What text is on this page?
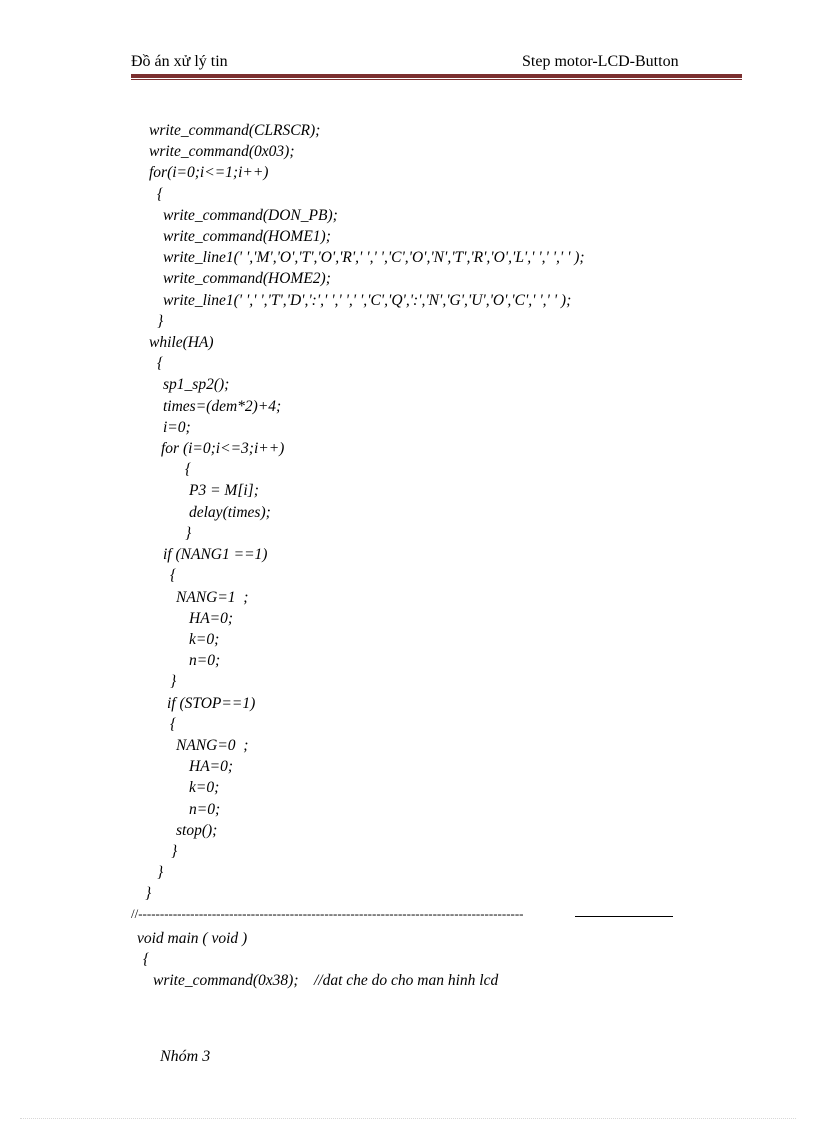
Đồ án xử lý tin	Step motor-LCD-Button
write_command(CLRSCR);
write_command(0x03);
for(i=0;i<=1;i++)
{
write_command(DON_PB);
write_command(HOME1);
write_line1(' ','M','O','T','O','R',' ',' ','C','O','N','T','R','O','L',' ',' ',' ' );
write_command(HOME2);
write_line1(' ',' ','T','D',':',' ',' ',' ','C','Q',':','N','G','U','O','C',' ',' ' );
}
while(HA)
{
sp1_sp2();
times=(dem*2)+4;
i=0;
for (i=0;i<=3;i++)
{
P3 = M[i];
delay(times);
}
if (NANG1 ==1)
{
NANG=1  ;
HA=0;
k=0;
n=0;
}
if (STOP==1)
{
NANG=0  ;
HA=0;
k=0;
n=0;
stop();
}
}
}
void main ( void )
{
write_command(0x38);    //dat che do cho man hinh lcd
//-----------------------------------------------------------------------------------------
Nhóm 3
